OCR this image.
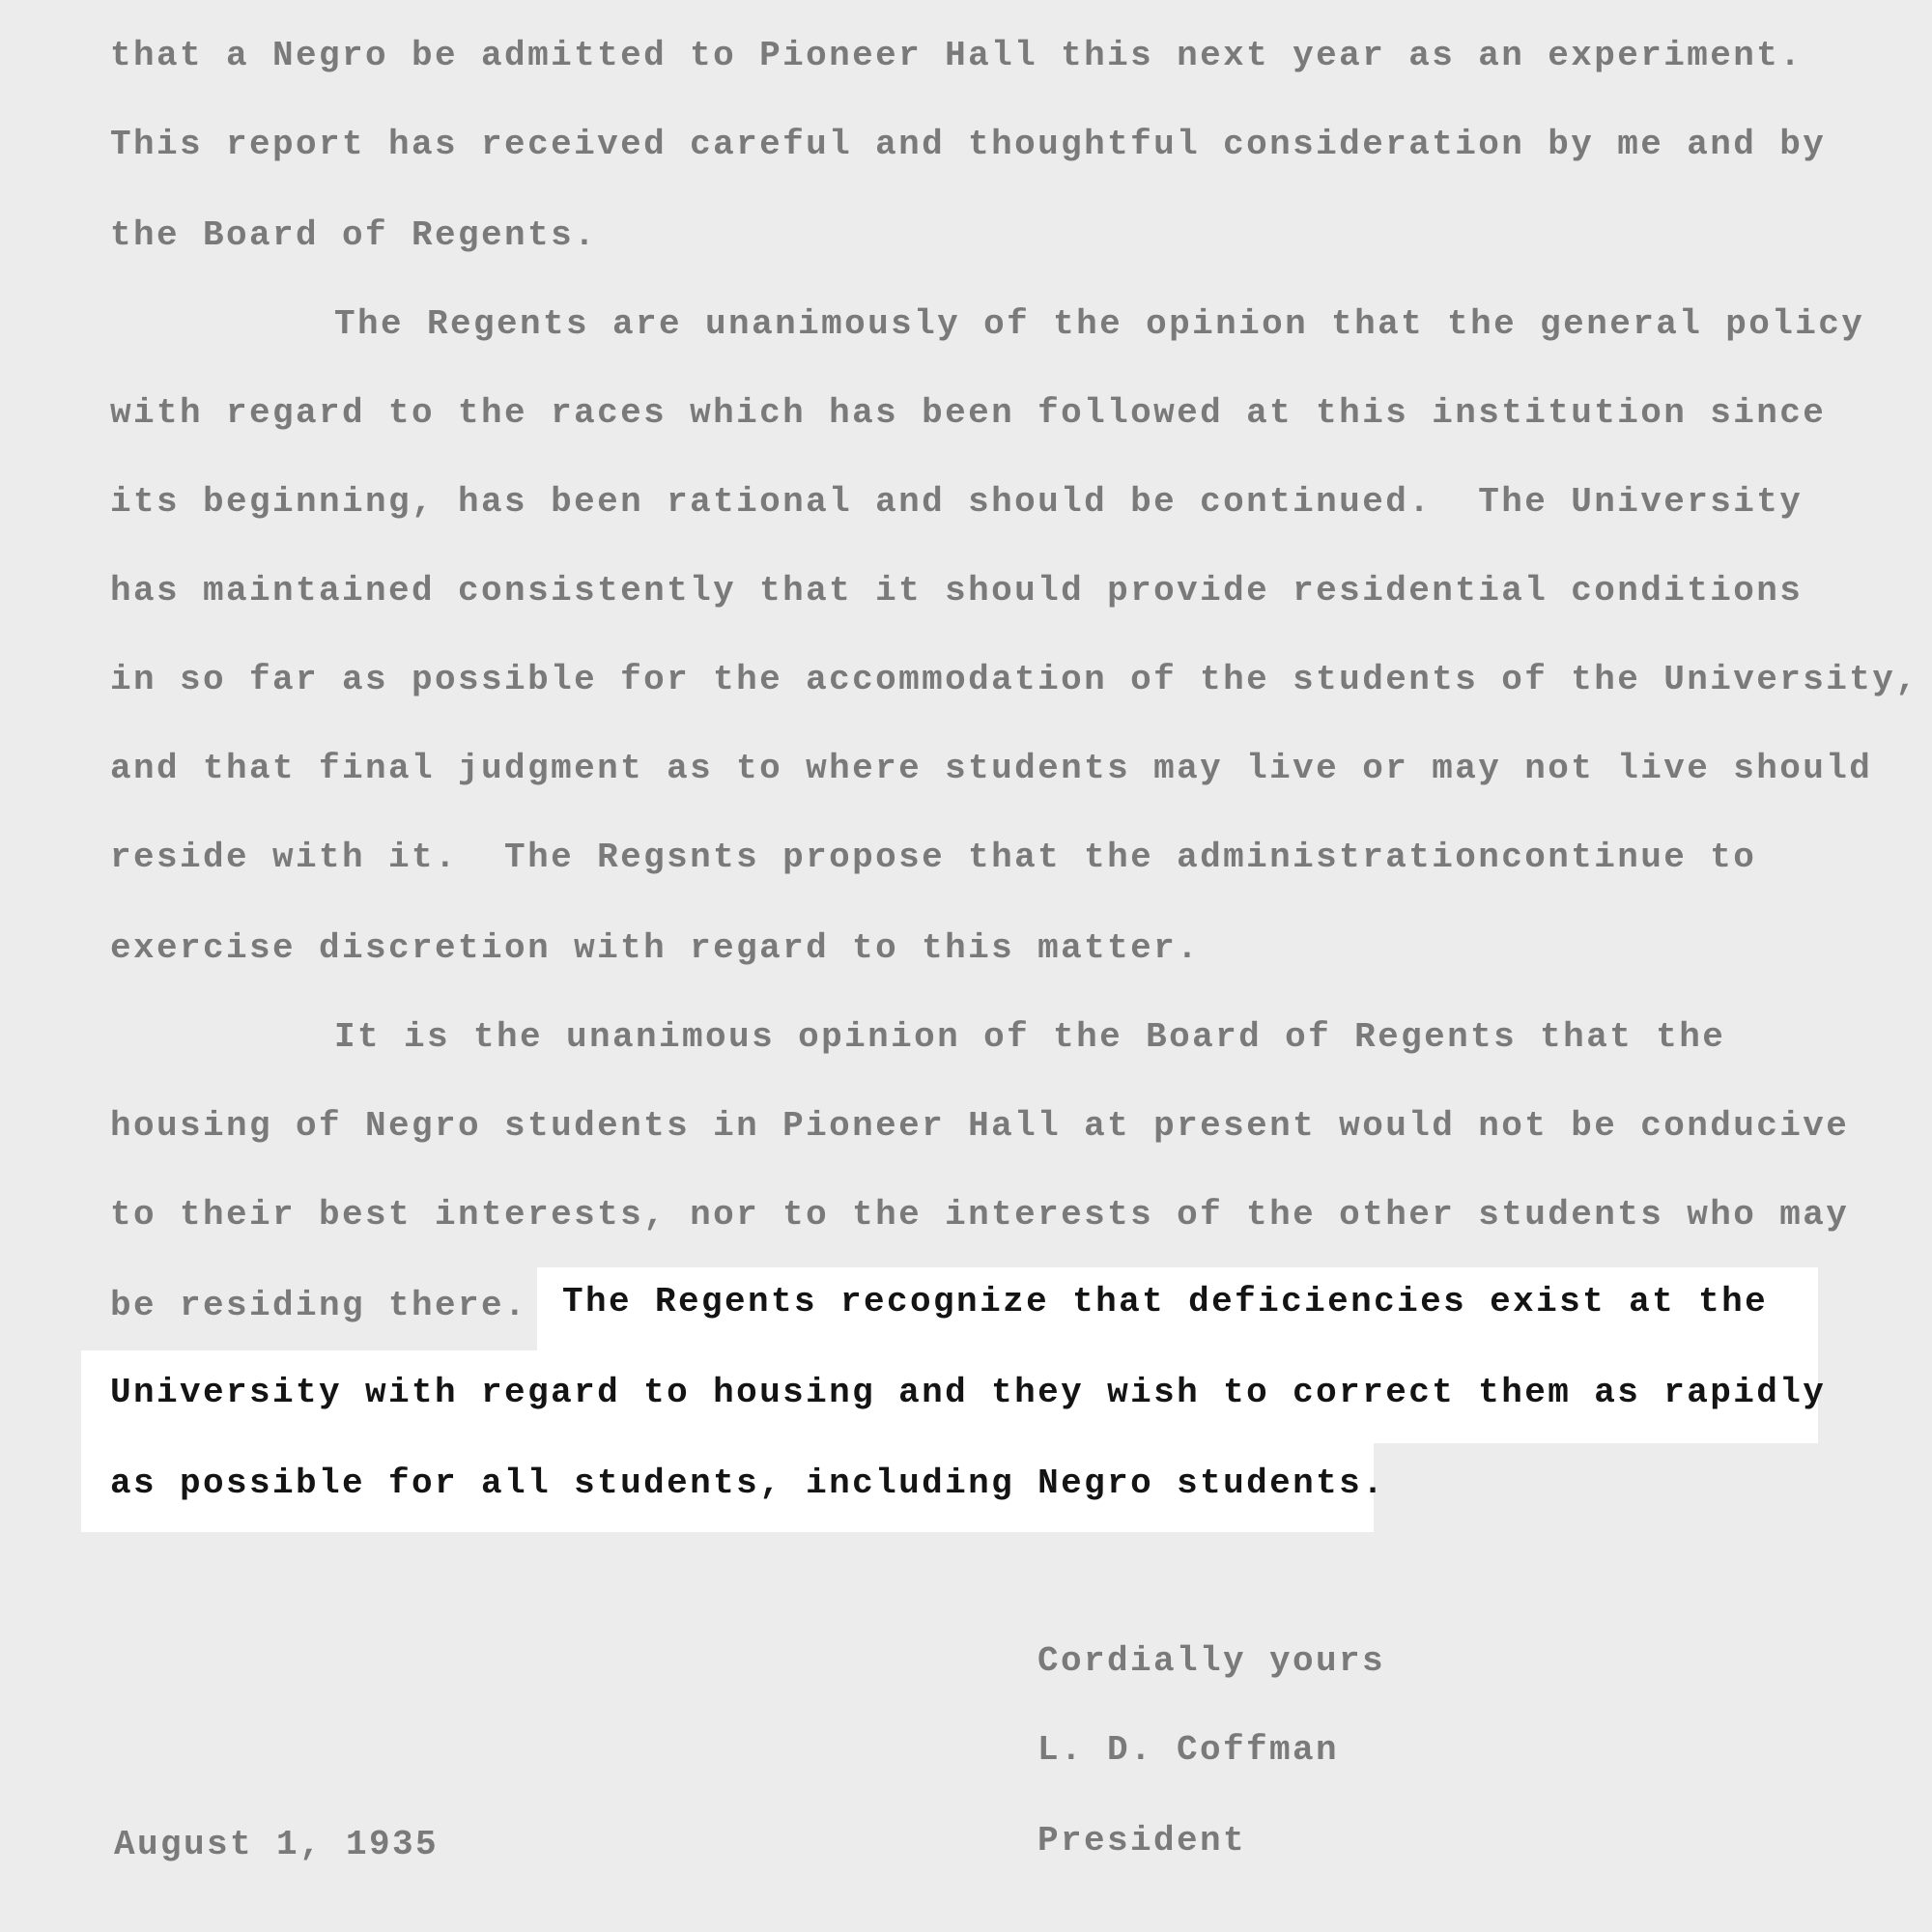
that a Negro be admitted to Pioneer Hall this next year as an experiment.
This report has received careful and thoughtful consideration by me and by
the Board of Regents.
The Regents are unanimously of the opinion that the general policy
with regard to the races which has been followed at this institution since
its beginning, has been rational and should be continued.  The University
has maintained consistently that it should provide residential conditions
in so far as possible for the accommodation of the students of the University,
and that final judgment as to where students may live or may not live should
reside with it.  The Regsnts propose that the administrationcontinue to
exercise discretion with regard to this matter.
It is the unanimous opinion of the Board of Regents that the
housing of Negro students in Pioneer Hall at present would not be conducive
to their best interests, nor to the interests of the other students who may
be residing there. The Regents recognize that deficiencies exist at the
University with regard to housing and they wish to correct them as rapidly
as possible for all students, including Negro students.
Cordially yours
L. D. Coffman
President
August 1, 1935
